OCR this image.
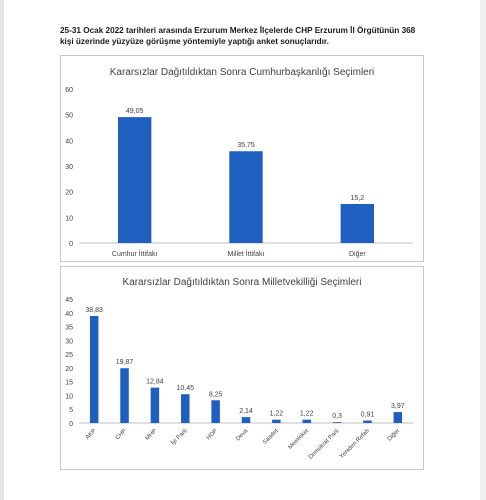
25-31 Ocak 2022 tarihleri arasında Erzurum Merkez İlçelerde CHP Erzurum İl Örgütünün 368 kişi üzerinde yüzyüze görüşme yöntemiyle yaptığı anket sonuçlarıdır.
Kararsızlar Dağıtıldıktan Sonra Cumhurbaşkanlığı Seçimleri
0
10
20
30
40
50
60
49,05
Cumhur İttifakı
35,75
Millet İttifakı
15,2
Diğer
Kararsızlar Dağıtıldıktan Sonra Milletvekilliği Seçimleri
0
5
10
15
20
25
30
35
40
45
38,83
AKP
19,87
CHP
12,84
MHP
10,45
İyi Parti
8,25
HDP
2,14
Deva
1,22
Saadet
1,22
Memleket
0,3
Demokrat Parti
0,91
Yeniden Refah
3,97
Diğer
